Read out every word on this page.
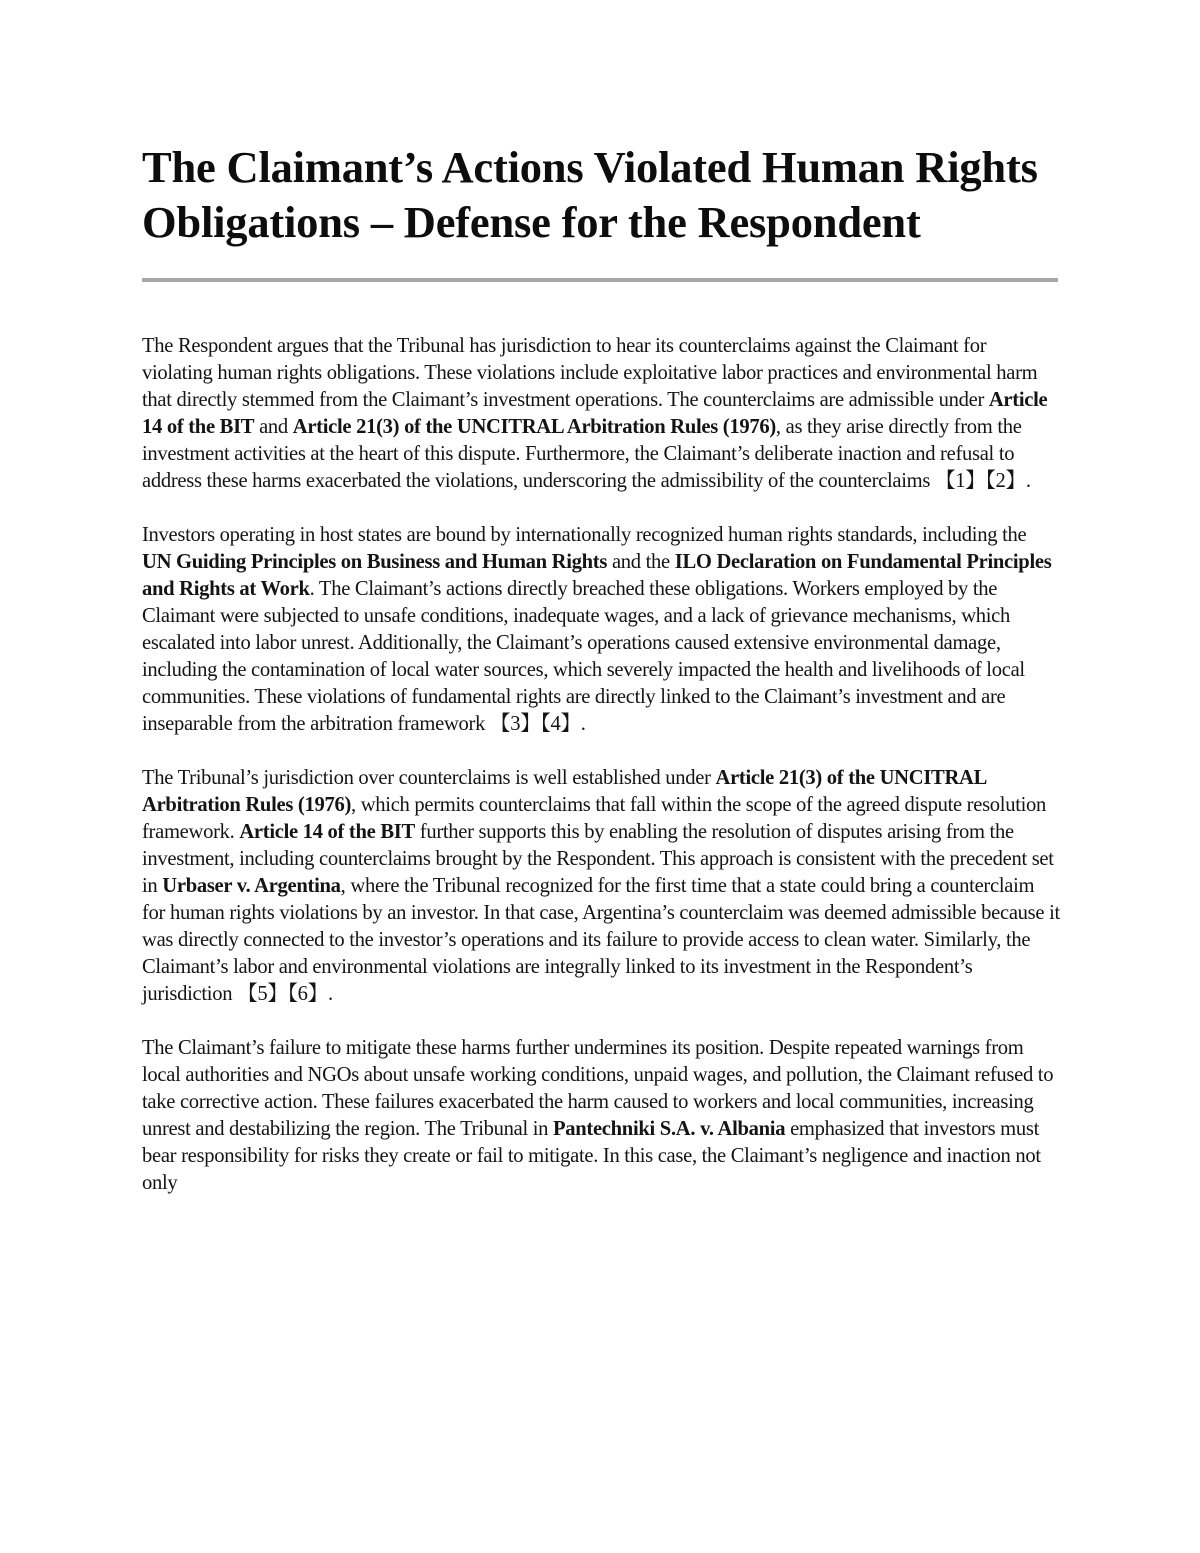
The Claimant’s Actions Violated Human Rights Obligations – Defense for the Respondent

The Respondent argues that the Tribunal has jurisdiction to hear its counterclaims against the Claimant for violating human rights obligations. These violations include exploitative labor practices and environmental harm that directly stemmed from the Claimant’s investment operations. The counterclaims are admissible under Article 14 of the BIT and Article 21(3) of the UNCITRAL Arbitration Rules (1976), as they arise directly from the investment activities at the heart of this dispute. Furthermore, the Claimant’s deliberate inaction and refusal to address these harms exacerbated the violations, underscoring the admissibility of the counterclaims 【1】【2】.

Investors operating in host states are bound by internationally recognized human rights standards, including the UN Guiding Principles on Business and Human Rights and the ILO Declaration on Fundamental Principles and Rights at Work. The Claimant’s actions directly breached these obligations. Workers employed by the Claimant were subjected to unsafe conditions, inadequate wages, and a lack of grievance mechanisms, which escalated into labor unrest. Additionally, the Claimant’s operations caused extensive environmental damage, including the contamination of local water sources, which severely impacted the health and livelihoods of local communities. These violations of fundamental rights are directly linked to the Claimant’s investment and are inseparable from the arbitration framework 【3】【4】.

The Tribunal’s jurisdiction over counterclaims is well established under Article 21(3) of the UNCITRAL Arbitration Rules (1976), which permits counterclaims that fall within the scope of the agreed dispute resolution framework. Article 14 of the BIT further supports this by enabling the resolution of disputes arising from the investment, including counterclaims brought by the Respondent. This approach is consistent with the precedent set in Urbaser v. Argentina, where the Tribunal recognized for the first time that a state could bring a counterclaim for human rights violations by an investor. In that case, Argentina’s counterclaim was deemed admissible because it was directly connected to the investor’s operations and its failure to provide access to clean water. Similarly, the Claimant’s labor and environmental violations are integrally linked to its investment in the Respondent’s jurisdiction 【5】【6】.

The Claimant’s failure to mitigate these harms further undermines its position. Despite repeated warnings from local authorities and NGOs about unsafe working conditions, unpaid wages, and pollution, the Claimant refused to take corrective action. These failures exacerbated the harm caused to workers and local communities, increasing unrest and destabilizing the region. The Tribunal in Pantechniki S.A. v. Albania emphasized that investors must bear responsibility for risks they create or fail to mitigate. In this case, the Claimant’s negligence and inaction not only
